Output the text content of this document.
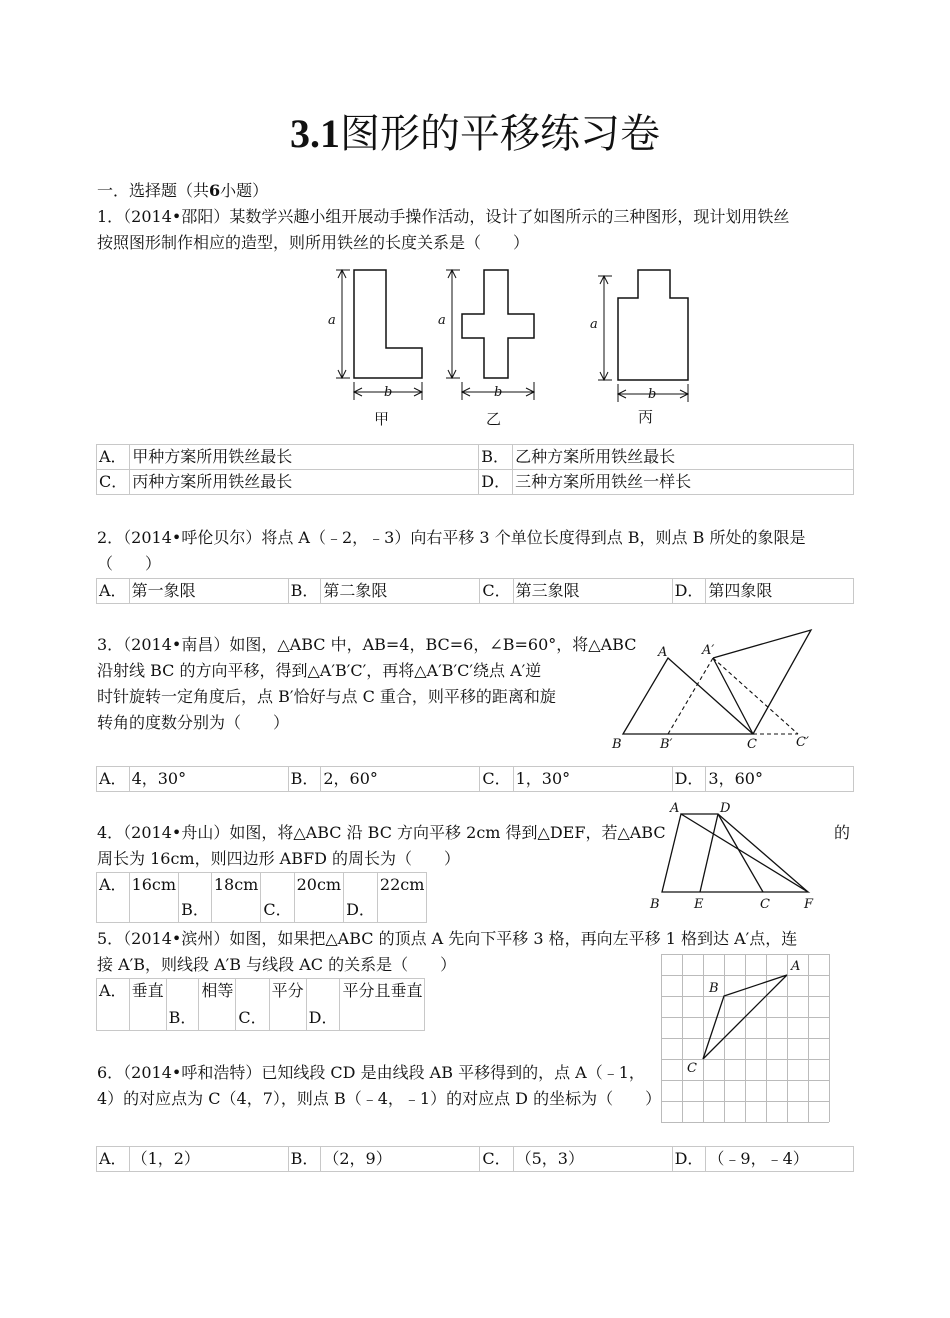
3.1图形的平移练习卷
一．选择题（共6小题）
1．（2014•邵阳）某数学兴趣小组开展动手操作活动，设计了如图所示的三种图形，现计划用铁丝
按照图形制作相应的造型，则所用铁丝的长度关系是（　　）
a	a	a
b	b	b
甲	乙	丙
A．	甲种方案所用铁丝最长	B．	乙种方案所用铁丝最长
C．	丙种方案所用铁丝最长	D．	三种方案所用铁丝一样长
2．（2014•呼伦贝尔）将点 A（﹣2，﹣3）向右平移 3 个单位长度得到点 B，则点 B 所处的象限是
（　　）
A．	第一象限	B．	第二象限	C．	第三象限	D．	第四象限
3．（2014•南昌）如图，△ABC 中，AB=4，BC=6，∠B=60°，将△ABC
沿射线 BC 的方向平移，得到△A′B′C′，再将△A′B′C′绕点 A′逆
时针旋转一定角度后，点 B′恰好与点 C 重合，则平移的距离和旋
转角的度数分别为（　　）
A	A′
B	B′	C	C′
A．	4，30°	B．	2，60°	C．	1，30°	D．	3，60°
4．（2014•舟山）如图，将△ABC 沿 BC 方向平移 2cm 得到△DEF，若△ABC	的
周长为 16cm，则四边形 ABFD 的周长为（　　）
A	D
B	E	C	F
A．	16cm	B．	18cm	C．	20cm	D．	22cm
5．（2014•滨州）如图，如果把△ABC 的顶点 A 先向下平移 3 格，再向左平移 1 格到达 A′点，连
接 A′B，则线段 A′B 与线段 AC 的关系是（　　）	A
B
C
A．	垂直	B．	相等	C．	平分	D．	平分且垂直
6．（2014•呼和浩特）已知线段 CD 是由线段 AB 平移得到的，点 A（﹣1，
4）的对应点为 C（4，7），则点 B（﹣4，﹣1）的对应点 D 的坐标为（　　）
A．	（1，2）	B．	（2，9）	C．	（5，3）	D．	（﹣9，﹣4）
